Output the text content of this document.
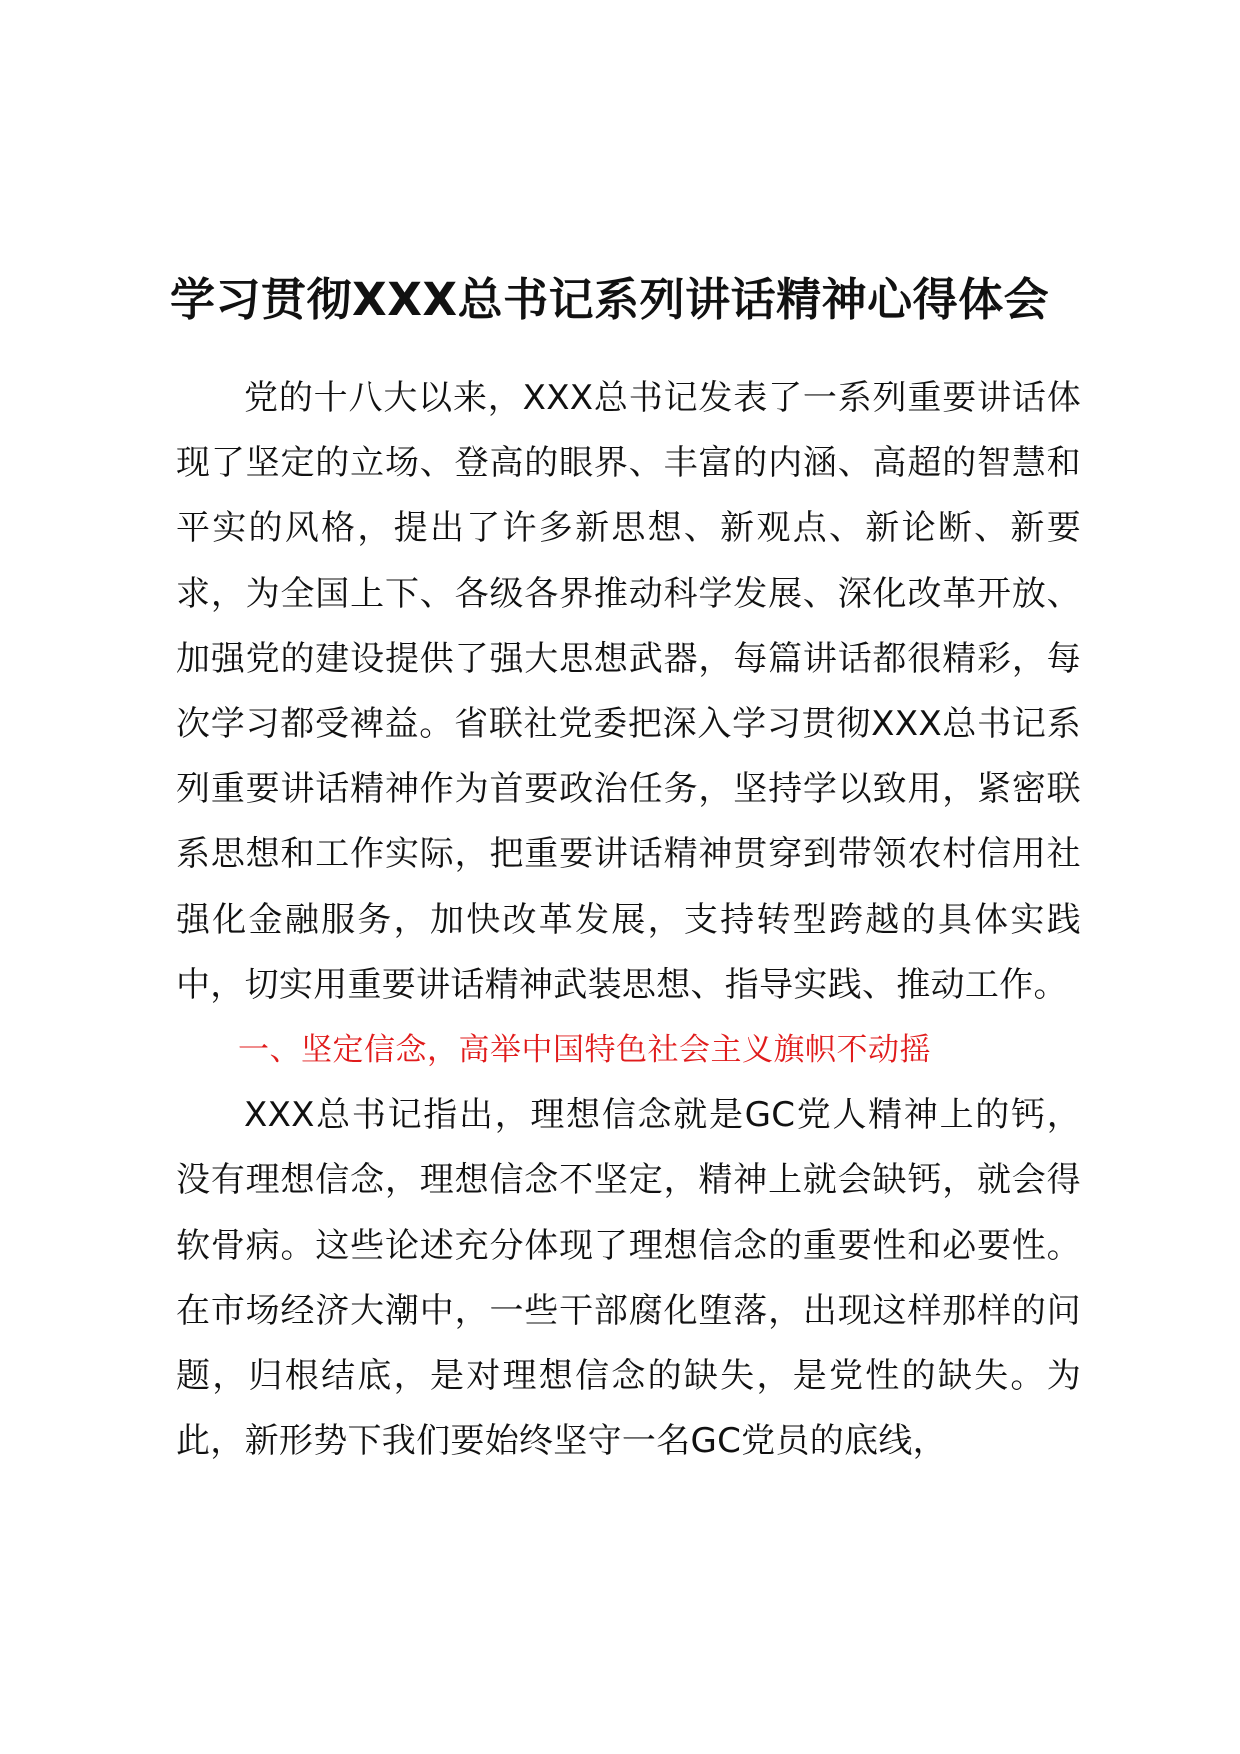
学习贯彻XXX总书记系列讲话精神心得体会

党的十八大以来，XXX总书记发表了一系列重要讲话体现了坚定的立场、登高的眼界、丰富的内涵、高超的智慧和平实的风格，提出了许多新思想、新观点、新论断、新要求，为全国上下、各级各界推动科学发展、深化改革开放、加强党的建设提供了强大思想武器，每篇讲话都很精彩，每次学习都受裨益。省联社党委把深入学习贯彻XXX总书记系列重要讲话精神作为首要政治任务，坚持学以致用，紧密联系思想和工作实际，把重要讲话精神贯穿到带领农村信用社强化金融服务，加快改革发展，支持转型跨越的具体实践中，切实用重要讲话精神武装思想、指导实践、推动工作。

一、坚定信念，高举中国特色社会主义旗帜不动摇

XXX总书记指出，理想信念就是GC党人精神上的钙，没有理想信念，理想信念不坚定，精神上就会缺钙，就会得软骨病。这些论述充分体现了理想信念的重要性和必要性。在市场经济大潮中，一些干部腐化堕落，出现这样那样的问题，归根结底，是对理想信念的缺失，是党性的缺失。为此，新形势下我们要始终坚守一名GC党员的底线，
